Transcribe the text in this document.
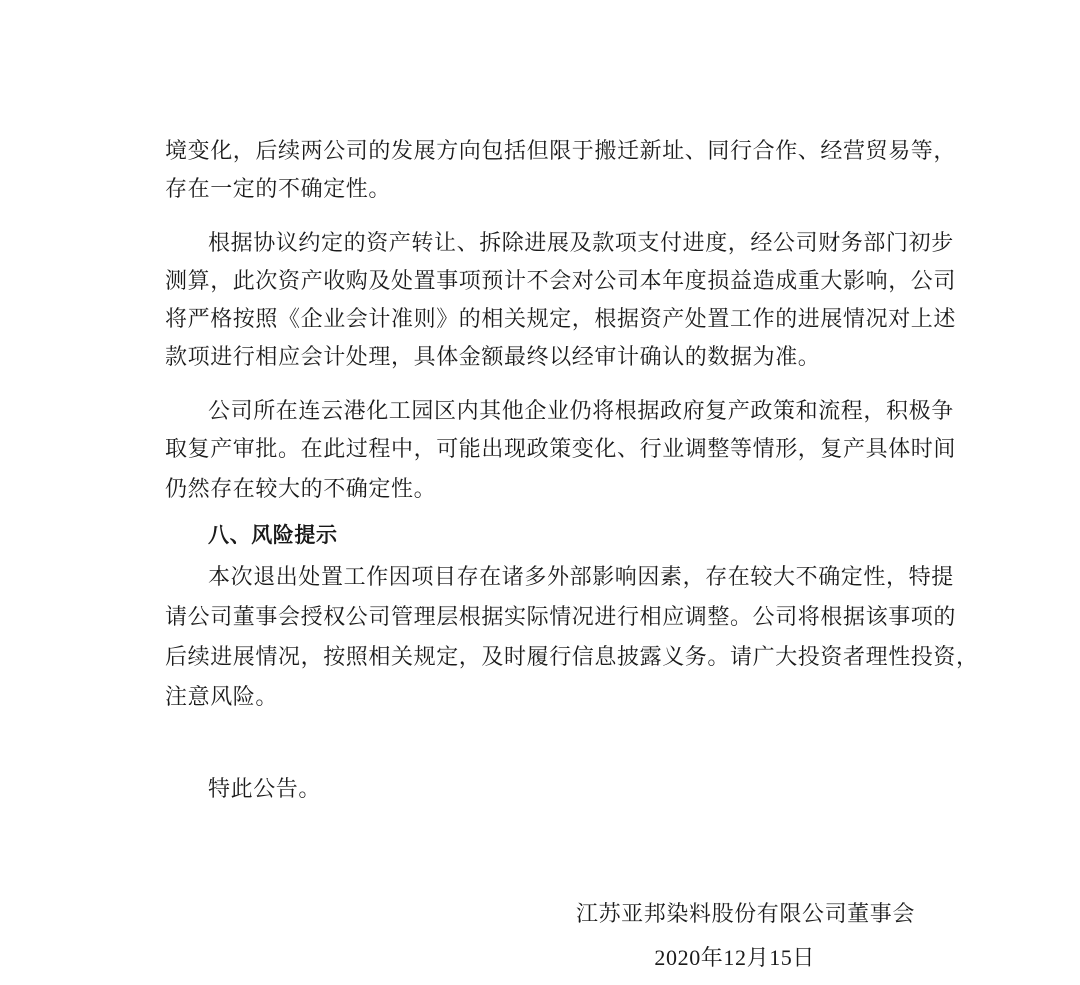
境变化，后续两公司的发展方向包括但限于搬迁新址、同行合作、经营贸易等，
存在一定的不确定性。
根据协议约定的资产转让、拆除进展及款项支付进度，经公司财务部门初步
测算，此次资产收购及处置事项预计不会对公司本年度损益造成重大影响，公司
将严格按照《企业会计准则》的相关规定，根据资产处置工作的进展情况对上述
款项进行相应会计处理，具体金额最终以经审计确认的数据为准。
公司所在连云港化工园区内其他企业仍将根据政府复产政策和流程，积极争
取复产审批。在此过程中，可能出现政策变化、行业调整等情形，复产具体时间
仍然存在较大的不确定性。
八、风险提示
本次退出处置工作因项目存在诸多外部影响因素，存在较大不确定性，特提
请公司董事会授权公司管理层根据实际情况进行相应调整。公司将根据该事项的
后续进展情况，按照相关规定，及时履行信息披露义务。请广大投资者理性投资，
注意风险。
特此公告。
江苏亚邦染料股份有限公司董事会
2020年12月15日
